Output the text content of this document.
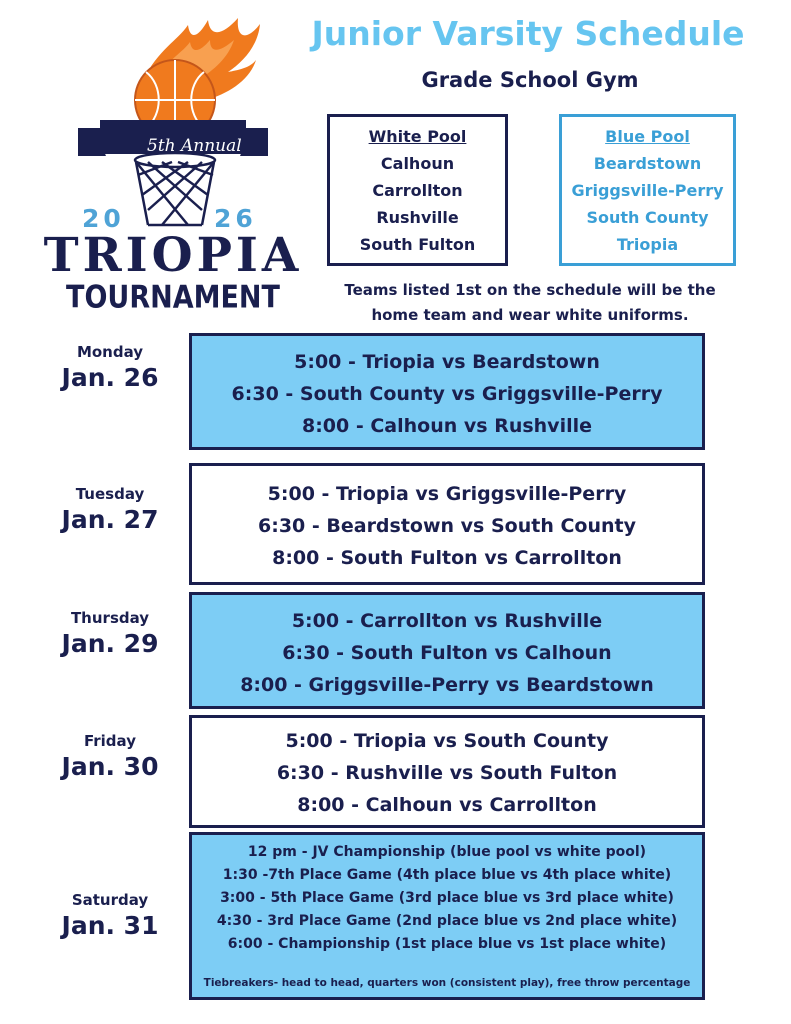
5th Annual
20	26
TRIOPIA
TOURNAMENT
Junior Varsity Schedule
Grade School Gym
White Pool
Calhoun
Carrollton
Rushville
South Fulton
Blue Pool
Beardstown
Griggsville-Perry
South County
Triopia
Teams listed 1st on the schedule will be the
home team and wear white uniforms.
Monday
Jan. 26
5:00 - Triopia vs Beardstown
6:30 - South County vs Griggsville-Perry
8:00 - Calhoun vs Rushville
Tuesday
Jan. 27
5:00 - Triopia vs Griggsville-Perry
6:30 - Beardstown vs South County
8:00 - South Fulton vs Carrollton
Thursday
Jan. 29
5:00 - Carrollton vs Rushville
6:30 - South Fulton vs Calhoun
8:00 - Griggsville-Perry vs Beardstown
Friday
Jan. 30
5:00 - Triopia vs South County
6:30 - Rushville vs South Fulton
8:00 - Calhoun vs Carrollton
Saturday
Jan. 31
12 pm - JV Championship (blue pool vs white pool)
1:30 -7th Place Game (4th place blue vs 4th place white)
3:00 - 5th Place Game (3rd place blue vs 3rd place white)
4:30 - 3rd Place Game (2nd place blue vs 2nd place white)
6:00 - Championship (1st place blue vs 1st place white)
Tiebreakers- head to head, quarters won (consistent play), free throw percentage
